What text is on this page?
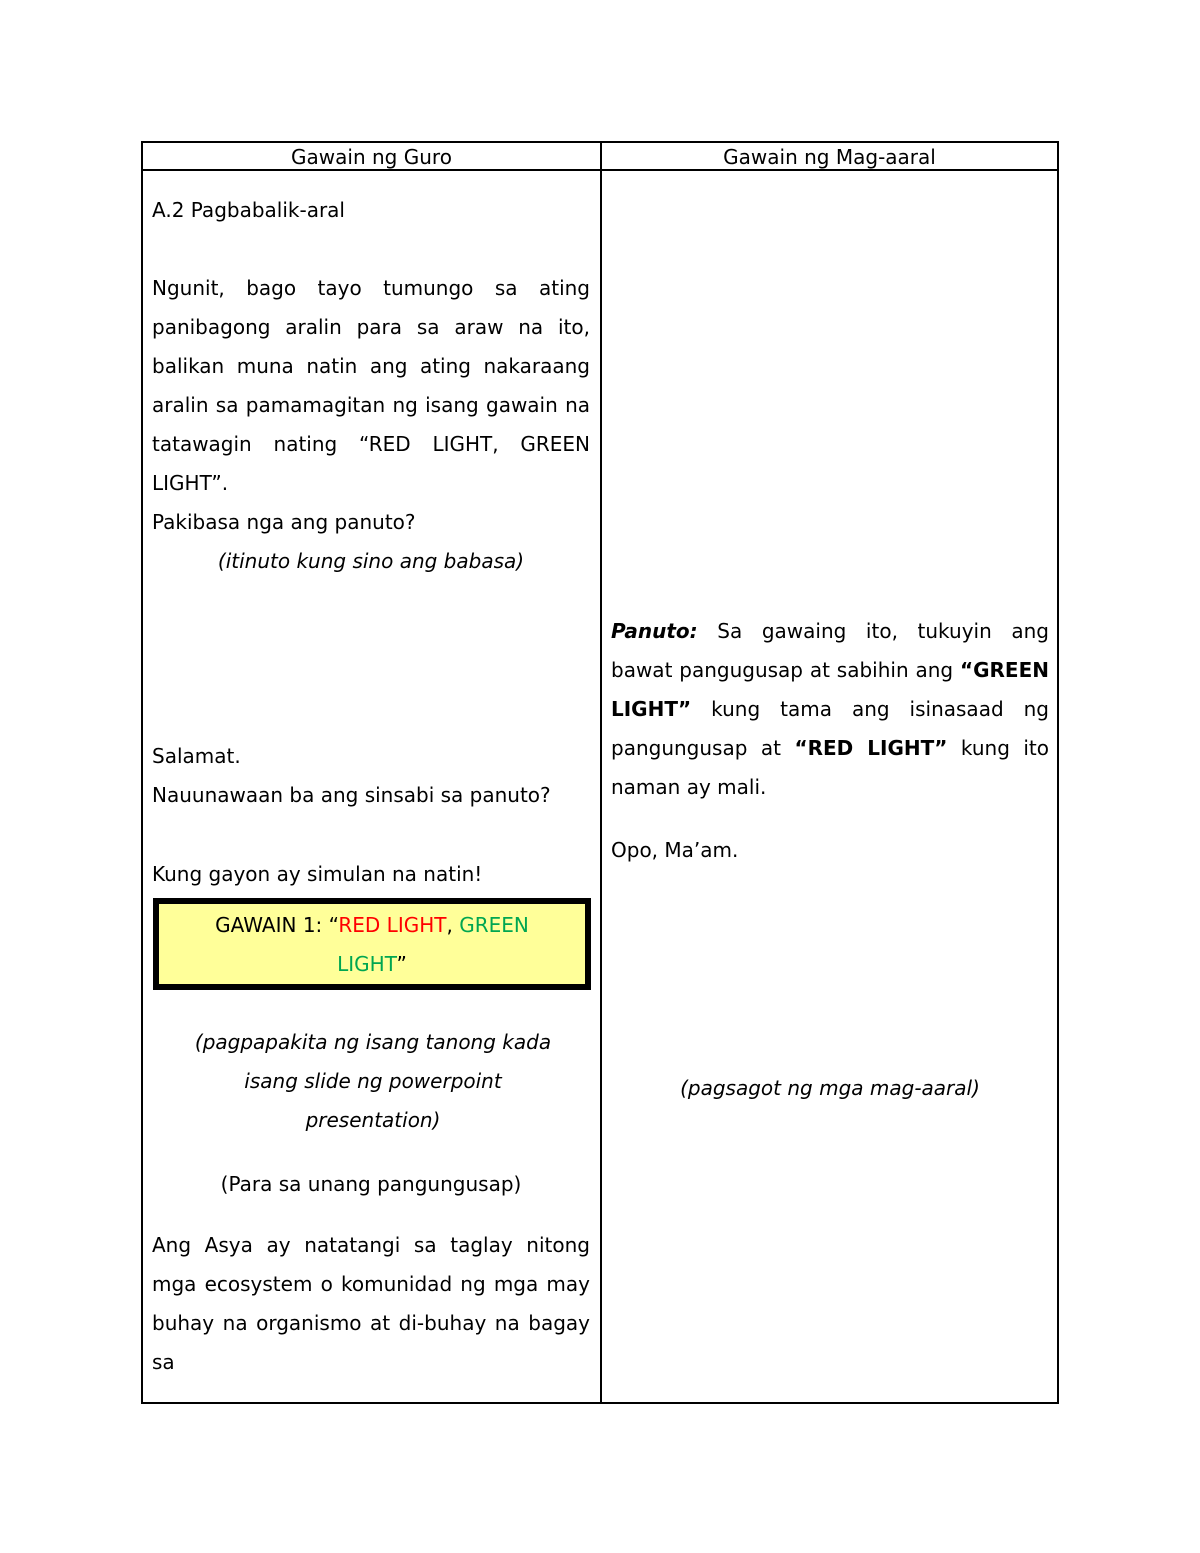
Gawain ng Guro	Gawain ng Mag-aaral

A.2 Pagbabalik-aral

Ngunit, bago tayo tumungo sa ating panibagong aralin para sa araw na ito, balikan muna natin ang ating nakaraang aralin sa pamamagitan ng isang gawain na tatawagin nating “RED LIGHT, GREEN LIGHT”.

Pakibasa nga ang panuto?

(itinuto kung sino ang babasa)

Salamat.

Nauunawaan ba ang sinsabi sa panuto?

Kung gayon ay simulan na natin!

GAWAIN 1: “RED LIGHT, GREEN
LIGHT”

(pagpapakita ng isang tanong kada isang slide ng powerpoint presentation)

(Para sa unang pangungusap)

Ang Asya ay natatangi sa taglay nitong mga ecosystem o komunidad ng mga may buhay na organismo at di-buhay na bagay sa

Panuto: Sa gawaing ito, tukuyin ang bawat pangugusap at sabihin ang “GREEN LIGHT” kung tama ang isinasaad ng pangungusap at “RED LIGHT” kung ito naman ay mali.

Opo, Ma’am.

(pagsagot ng mga mag-aaral)
